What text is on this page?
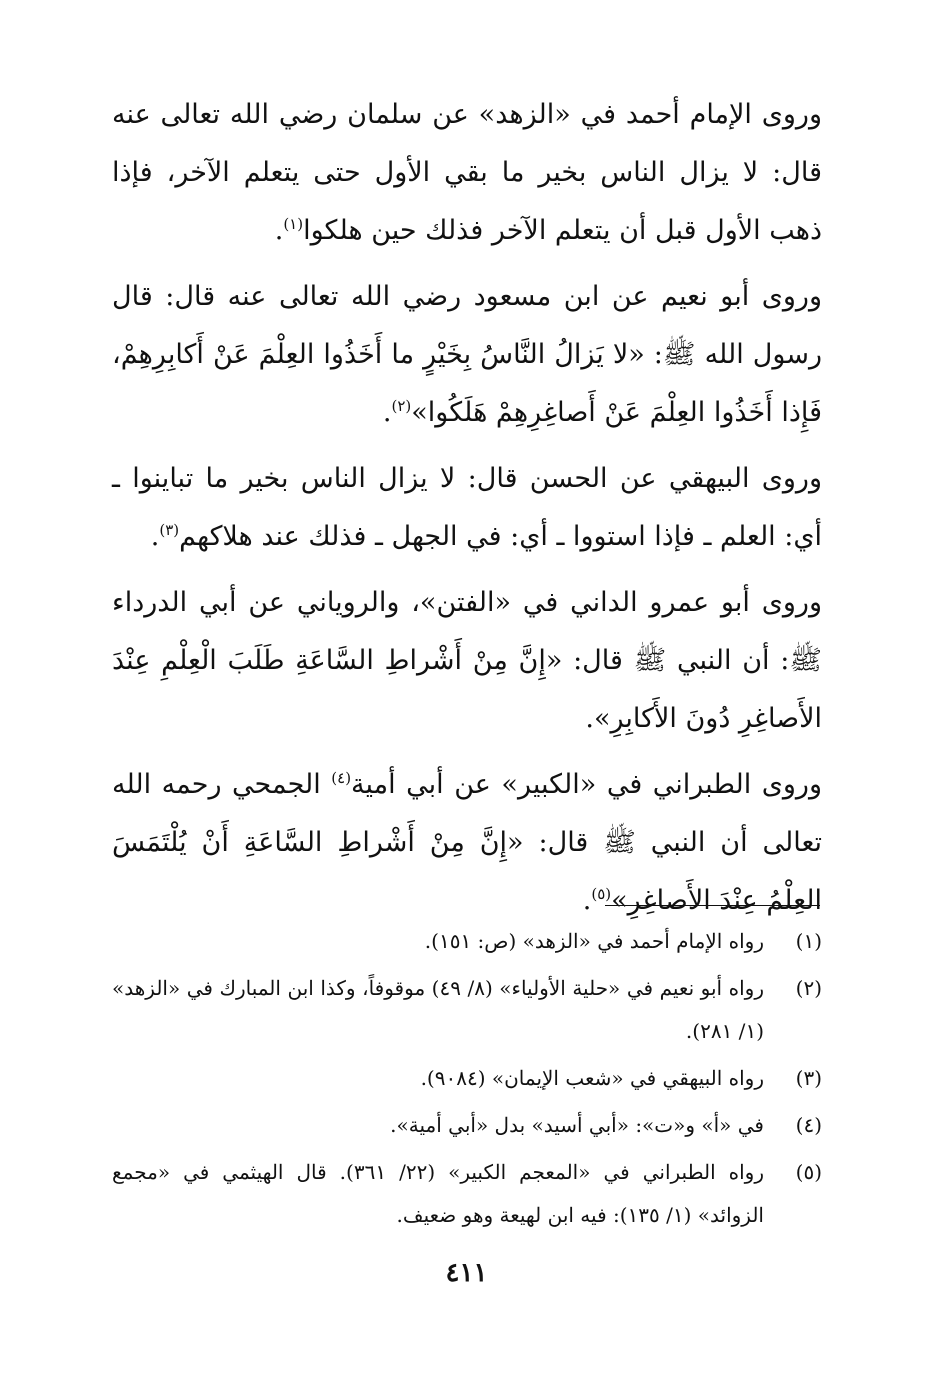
وروى الإمام أحمد في «الزهد» عن سلمان رضي الله تعالى عنه قال: لا يزال الناس بخير ما بقي الأول حتى يتعلم الآخر، فإذا ذهب الأول قبل أن يتعلم الآخر فذلك حين هلكوا$^{(١)}$.

وروى أبو نعيم عن ابن مسعود رضي الله تعالى عنه قال: قال رسول الله ﷺ: «لا يَزالُ النَّاسُ بِخَيْرٍ ما أَخَذُوا العِلْمَ عَنْ أَكابِرِهِمْ، فَإِذا أَخَذُوا العِلْمَ عَنْ أَصاغِرِهِمْ هَلَكُوا»$^{(٢)}$.

وروى البيهقي عن الحسن قال: لا يزال الناس بخير ما تباينوا ـ أي: العلم ـ فإذا استووا ـ أي: في الجهل ـ فذلك عند هلاكهم$^{(٣)}$.

وروى أبو عمرو الداني في «الفتن»، والروياني عن أبي الدرداء ﷺ: أن النبي ﷺ قال: «إِنَّ مِنْ أَشْراطِ السَّاعَةِ طَلَبَ الْعِلْمِ عِنْدَ الأَصاغِرِ دُونَ الأَكابِرِ».

وروى الطبراني في «الكبير» عن أبي أمية$^{(٤)}$ الجمحي رحمه الله تعالى أن النبي ﷺ قال: «إِنَّ مِنْ أَشْراطِ السَّاعَةِ أَنْ يُلْتَمَسَ العِلْمُ عِنْدَ الأَصاغِرِ»$^{(٥)}$.

(١)
رواه الإمام أحمد في «الزهد» (ص: ١٥١).
(٢)
رواه أبو نعيم في «حلية الأولياء» (٨/ ٤٩) موقوفاً، وكذا ابن المبارك في «الزهد» (١/ ٢٨١).
(٣)
رواه البيهقي في «شعب الإيمان» (٩٠٨٤).
(٤)
في «أ» و«ت»: «أبي أسيد» بدل «أبي أمية».
(٥)
رواه الطبراني في «المعجم الكبير» (٢٢/ ٣٦١). قال الهيثمي في «مجمع الزوائد» (١/ ١٣٥): فيه ابن لهيعة وهو ضعيف.
٤١١
